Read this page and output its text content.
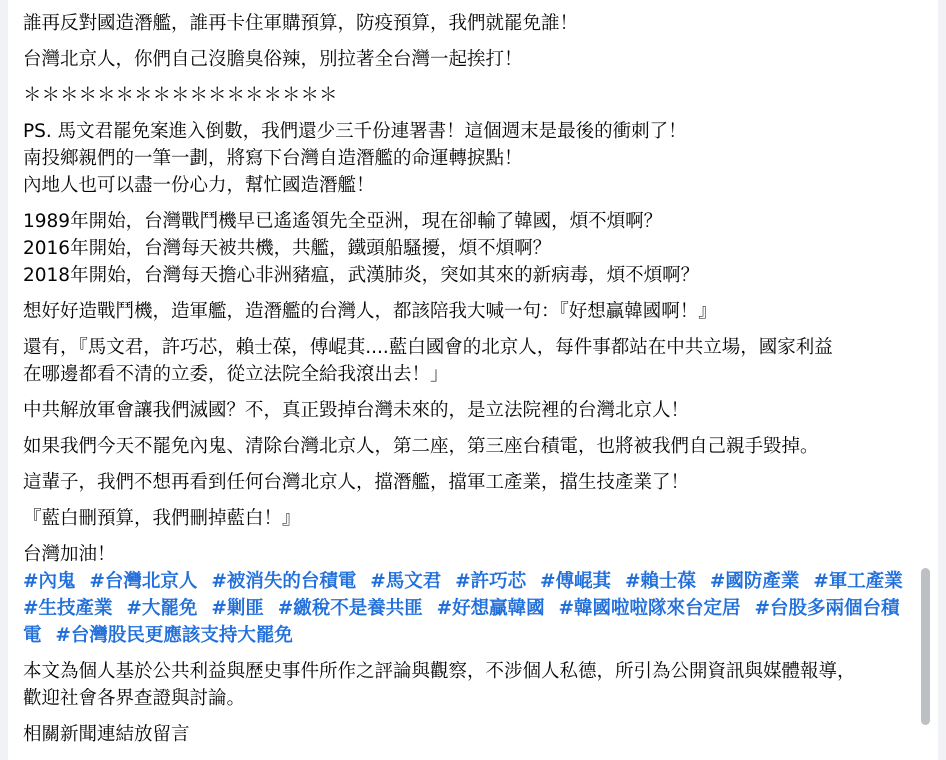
誰再反對國造潛艦，誰再卡住軍購預算，防疫預算，我們就罷免誰！

台灣北京人，你們自己沒膽臭俗辣，別拉著全台灣一起挨打！

＊＊＊＊＊＊＊＊＊＊＊＊＊＊＊＊＊

PS. 馬文君罷免案進入倒數，我們還少三千份連署書！這個週末是最後的衝刺了！
南投鄉親們的一筆一劃，將寫下台灣自造潛艦的命運轉捩點！
內地人也可以盡一份心力，幫忙國造潛艦！

1989年開始，台灣戰鬥機早已遙遙領先全亞洲，現在卻輸了韓國，煩不煩啊？
2016年開始，台灣每天被共機，共艦，鐵頭船騷擾，煩不煩啊？
2018年開始，台灣每天擔心非洲豬瘟，武漢肺炎，突如其來的新病毒，煩不煩啊？

想好好造戰鬥機，造軍艦，造潛艦的台灣人，都該陪我大喊一句：『好想贏韓國啊！』

還有，『馬文君，許巧芯，賴士葆，傅崐萁....藍白國會的北京人，每件事都站在中共立場，國家利益
在哪邊都看不清的立委，從立法院全給我滾出去！」

中共解放軍會讓我們滅國？不，真正毀掉台灣未來的，是立法院裡的台灣北京人！

如果我們今天不罷免內鬼、清除台灣北京人，第二座，第三座台積電，也將被我們自己親手毀掉。

這輩子，我們不想再看到任何台灣北京人，擋潛艦，擋軍工產業，擋生技產業了！

『藍白刪預算，我們刪掉藍白！』

台灣加油！

#內鬼 #台灣北京人 #被消失的台積電 #馬文君 #許巧芯 #傅崐萁 #賴士葆 #國防產業 #軍工產業 #生技產業 #大罷免 #剿匪 #繳稅不是養共匪 #好想贏韓國 #韓國啦啦隊來台定居 #台股多兩個台積電 #台灣股民更應該支持大罷免

本文為個人基於公共利益與歷史事件所作之評論與觀察，不涉個人私德，所引為公開資訊與媒體報導，
歡迎社會各界查證與討論。

相關新聞連結放留言
